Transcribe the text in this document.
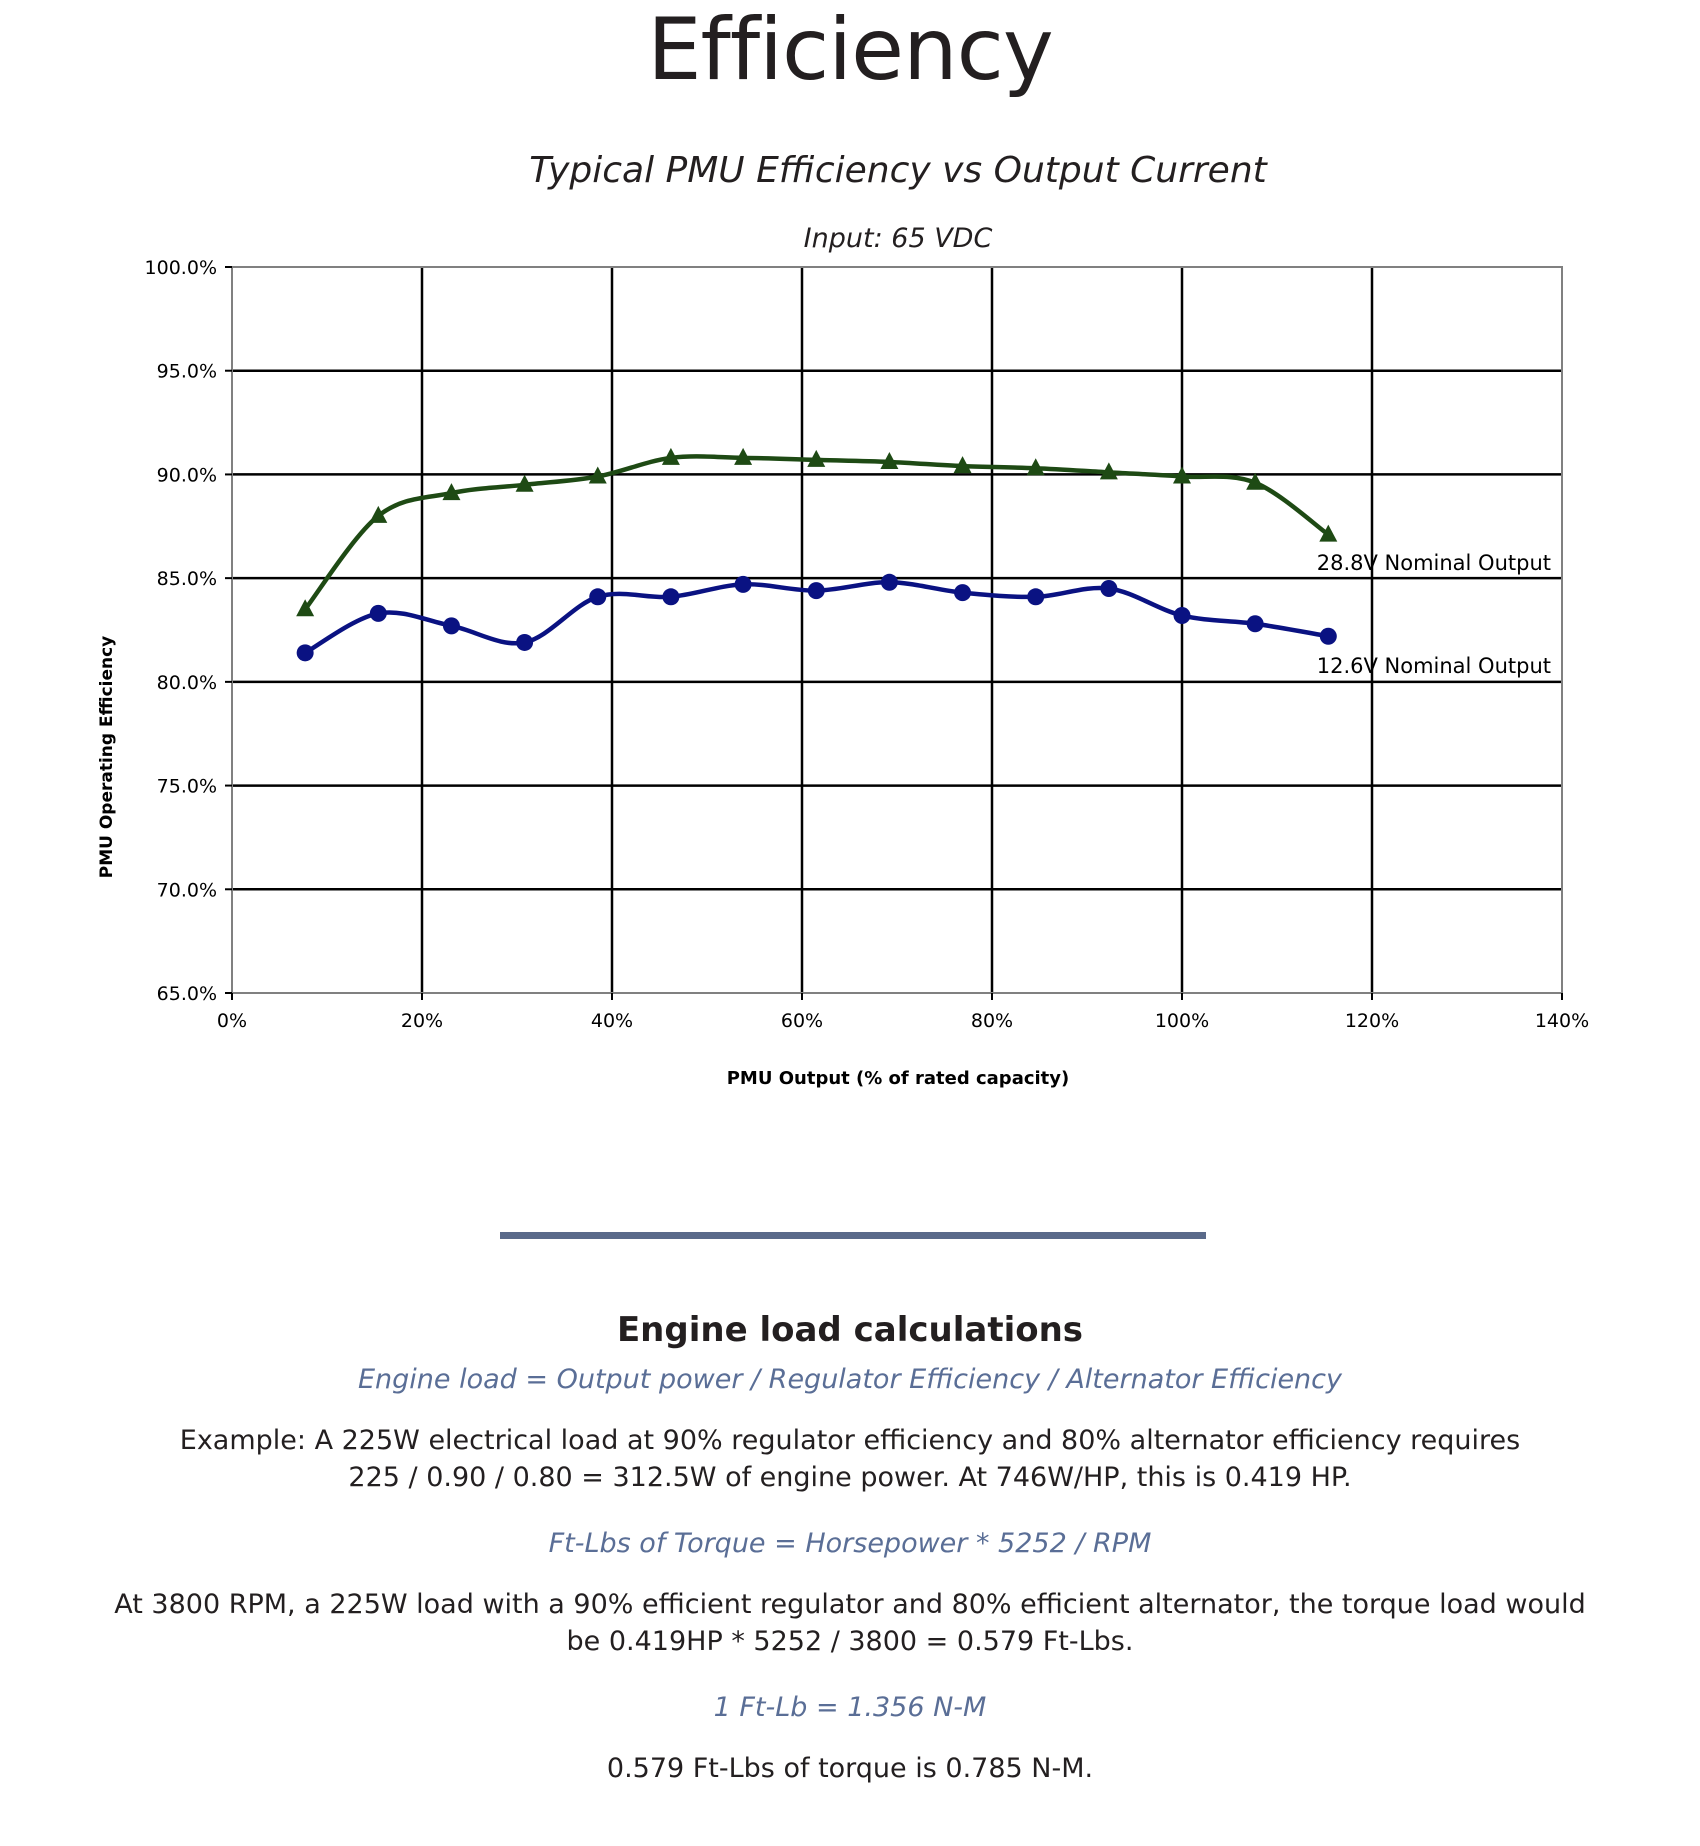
Efficiency
Typical PMU Efficiency vs Output Current
Input: 65 VDC
65.0%
70.0%
75.0%
80.0%
85.0%
90.0%
95.0%
100.0%
0%	20%	40%	60%	80%	100%	120%	140%
PMU Operating Efficiency
PMU Output (% of rated capacity)
28.8V Nominal Output
12.6V Nominal Output

Engine load calculations

Engine load = Output power / Regulator Efficiency / Alternator Efficiency

Example: A 225W electrical load at 90% regulator efficiency and 80% alternator efficiency requires

225 / 0.90 / 0.80 = 312.5W of engine power. At 746W/HP, this is 0.419 HP.

Ft-Lbs of Torque = Horsepower * 5252 / RPM

At 3800 RPM, a 225W load with a 90% efficient regulator and 80% efficient alternator, the torque load would

be 0.419HP * 5252 / 3800 = 0.579 Ft-Lbs.

1 Ft-Lb = 1.356 N-M

0.579 Ft-Lbs of torque is 0.785 N-M.
